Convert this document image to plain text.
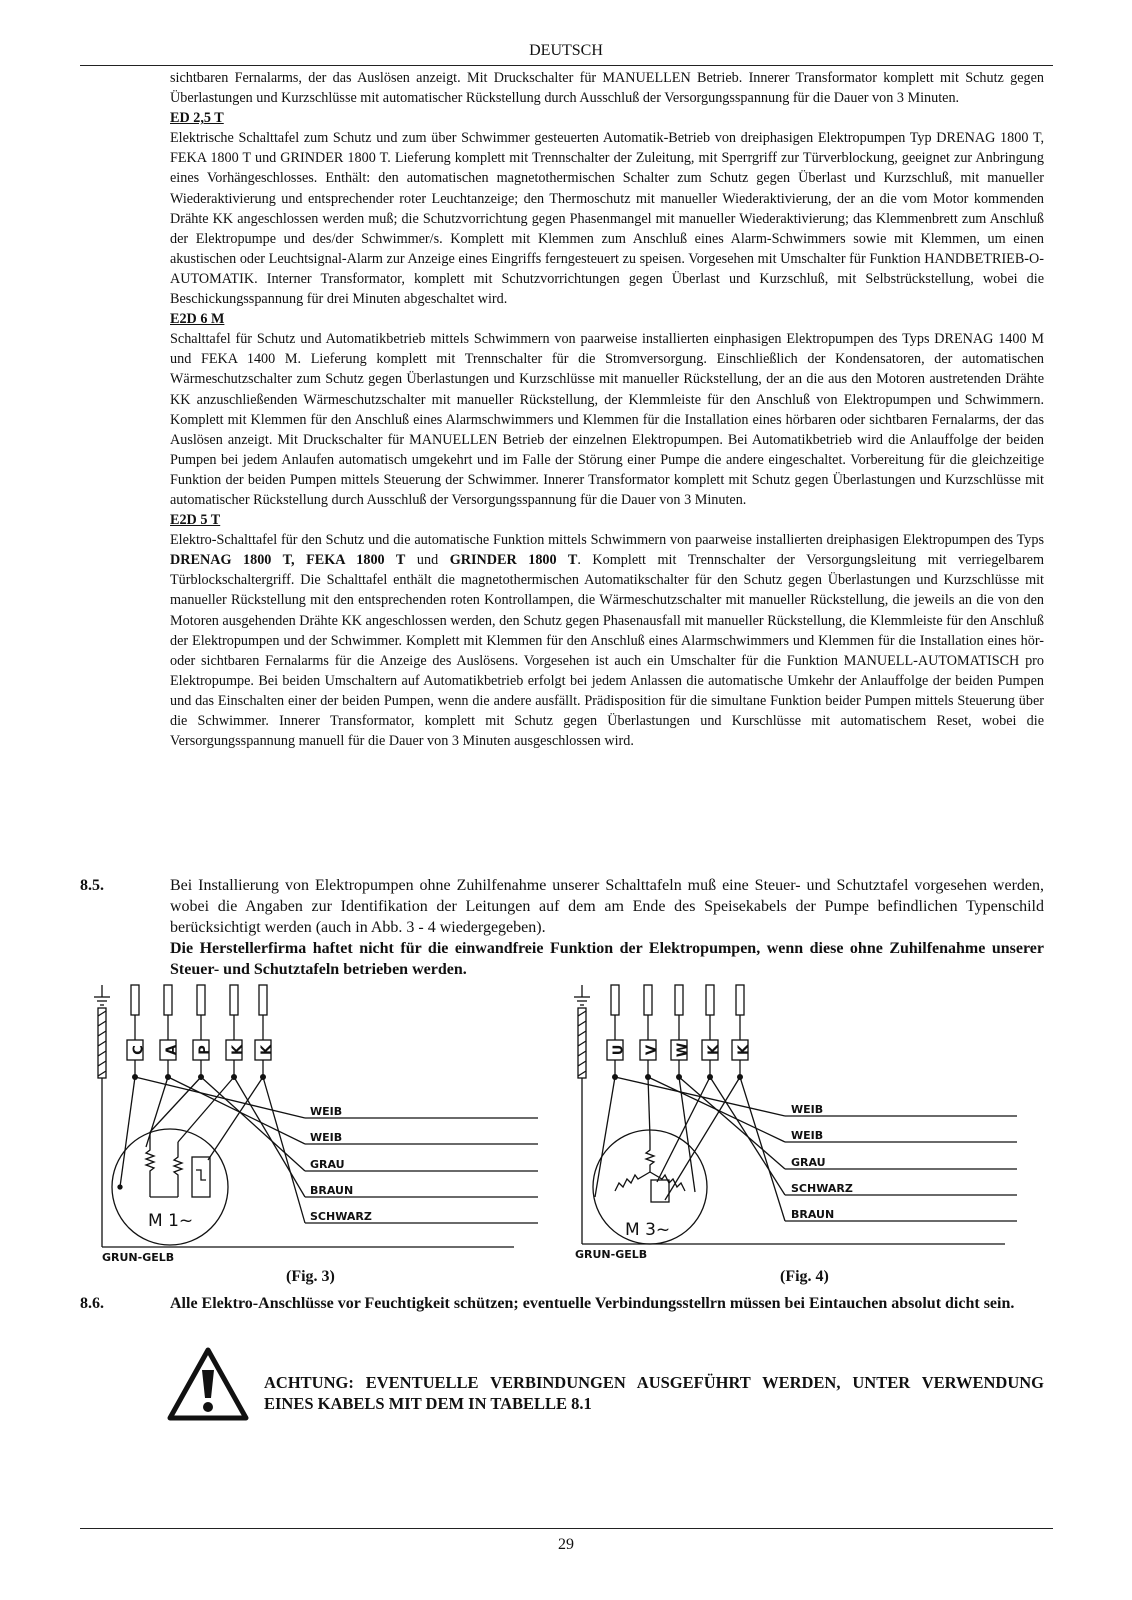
DEUTSCH

sichtbaren Fernalarms, der das Auslösen anzeigt. Mit Druckschalter für MANUELLEN Betrieb. Innerer Transformator komplett mit Schutz gegen Überlastungen und Kurzschlüsse mit automatischer Rückstellung durch Ausschluß der Versorgungsspannung für die Dauer von 3 Minuten.

ED 2,5 T

Elektrische Schalttafel zum Schutz und zum über Schwimmer gesteuerten Automatik-Betrieb von dreiphasigen Elektropumpen Typ DRENAG 1800 T, FEKA 1800 T und GRINDER 1800 T. Lieferung komplett mit Trennschalter der Zuleitung, mit Sperrgriff zur Türverblockung, geeignet zur Anbringung eines Vorhängeschlosses. Enthält: den automatischen magnetothermischen Schalter zum Schutz gegen Überlast und Kurzschluß, mit manueller Wiederaktivierung und entsprechender roter Leuchtanzeige; den Thermoschutz mit manueller Wiederaktivierung, der an die vom Motor kommenden Drähte KK angeschlossen werden muß; die Schutzvorrichtung gegen Phasenmangel mit manueller Wiederaktivierung; das Klemmenbrett zum Anschluß der Elektropumpe und des/der Schwimmer/s. Komplett mit Klemmen zum Anschluß eines Alarm-Schwimmers sowie mit Klemmen, um einen akustischen oder Leuchtsignal-Alarm zur Anzeige eines Eingriffs ferngesteuert zu speisen. Vorgesehen mit Umschalter für Funktion HANDBETRIEB-O-AUTOMATIK. Interner Transformator, komplett mit Schutzvorrichtungen gegen Überlast und Kurzschluß, mit Selbstrückstellung, wobei die Beschickungsspannung für drei Minuten abgeschaltet wird.

E2D 6 M

Schalttafel für Schutz und Automatikbetrieb mittels Schwimmern von paarweise installierten einphasigen Elektropumpen des Typs DRENAG 1400 M und FEKA 1400 M. Lieferung komplett mit Trennschalter für die Stromversorgung. Einschließlich der Kondensatoren, der automatischen Wärmeschutzschalter zum Schutz gegen Überlastungen und Kurzschlüsse mit manueller Rückstellung, der an die aus den Motoren austretenden Drähte KK anzuschließenden Wärmeschutzschalter mit manueller Rückstellung, der Klemmleiste für den Anschluß von Elektropumpen und Schwimmern. Komplett mit Klemmen für den Anschluß eines Alarmschwimmers und Klemmen für die Installation eines hörbaren oder sichtbaren Fernalarms, der das Auslösen anzeigt. Mit Druckschalter für MANUELLEN Betrieb der einzelnen Elektropumpen. Bei Automatikbetrieb wird die Anlauffolge der beiden Pumpen bei jedem Anlaufen automatisch umgekehrt und im Falle der Störung einer Pumpe die andere eingeschaltet. Vorbereitung für die gleichzeitige Funktion der beiden Pumpen mittels Steuerung der Schwimmer. Innerer Transformator komplett mit Schutz gegen Überlastungen und Kurzschlüsse mit automatischer Rückstellung durch Ausschluß der Versorgungsspannung für die Dauer von 3 Minuten.

E2D 5 T

Elektro-Schalttafel für den Schutz und die automatische Funktion mittels Schwimmern von paarweise installierten dreiphasigen Elektropumpen des Typs DRENAG 1800 T, FEKA 1800 T und GRINDER 1800 T. Komplett mit Trennschalter der Versorgungsleitung mit verriegelbarem Türblockschaltergriff. Die Schalttafel enthält die magnetothermischen Automatikschalter für den Schutz gegen Überlastungen und Kurzschlüsse mit manueller Rückstellung mit den entsprechenden roten Kontrollampen, die Wärmeschutzschalter mit manueller Rückstellung, die jeweils an die von den Motoren ausgehenden Drähte KK angeschlossen werden, den Schutz gegen Phasenausfall mit manueller Rückstellung, die Klemmleiste für den Anschluß der Elektropumpen und der Schwimmer. Komplett mit Klemmen für den Anschluß eines Alarmschwimmers und Klemmen für die Installation eines hör- oder sichtbaren Fernalarms für die Anzeige des Auslösens. Vorgesehen ist auch ein Umschalter für die Funktion MANUELL-AUTOMATISCH pro Elektropumpe. Bei beiden Umschaltern auf Automatikbetrieb erfolgt bei jedem Anlassen die automatische Umkehr der Anlauffolge der beiden Pumpen und das Einschalten einer der beiden Pumpen, wenn die andere ausfällt. Prädisposition für die simultane Funktion beider Pumpen mittels Steuerung über die Schwimmer. Innerer Transformator, komplett mit Schutz gegen Überlastungen und Kurschlüsse mit automatischem Reset, wobei die Versorgungsspannung manuell für die Dauer von 3 Minuten ausgeschlossen wird.

8.5.	Bei Installierung von Elektropumpen ohne Zuhilfenahme unserer Schalttafeln muß eine Steuer- und Schutztafel vorgesehen werden, wobei die Angaben zur Identifikation der Leitungen auf dem am Ende des Speisekabels der Pumpe befindlichen Typenschild berücksichtigt werden (auch in Abb. 3 - 4 wiedergegeben).

Die Herstellerfirma haftet nicht für die einwandfreie Funktion der Elektropumpen, wenn diese ohne Zuhilfenahme unserer Steuer- und Schutztafeln betrieben werden.

C A P K K
WEIB
WEIB
GRAU
BRAUN
SCHWARZ
GRUN-GELB
M 1~
U V W K K
WEIB
WEIB
GRAU
SCHWARZ
BRAUN
GRUN-GELB
M 3~
(Fig. 3)	(Fig. 4)
8.6.	Alle Elektro-Anschlüsse vor Feuchtigkeit schützen; eventuelle Verbindungsstellrn müssen bei Eintauchen absolut dicht sein.

ACHTUNG: EVENTUELLE VERBINDUNGEN AUSGEFÜHRT WERDEN, UNTER VERWENDUNG EINES KABELS MIT DEM IN TABELLE 8.1

29
